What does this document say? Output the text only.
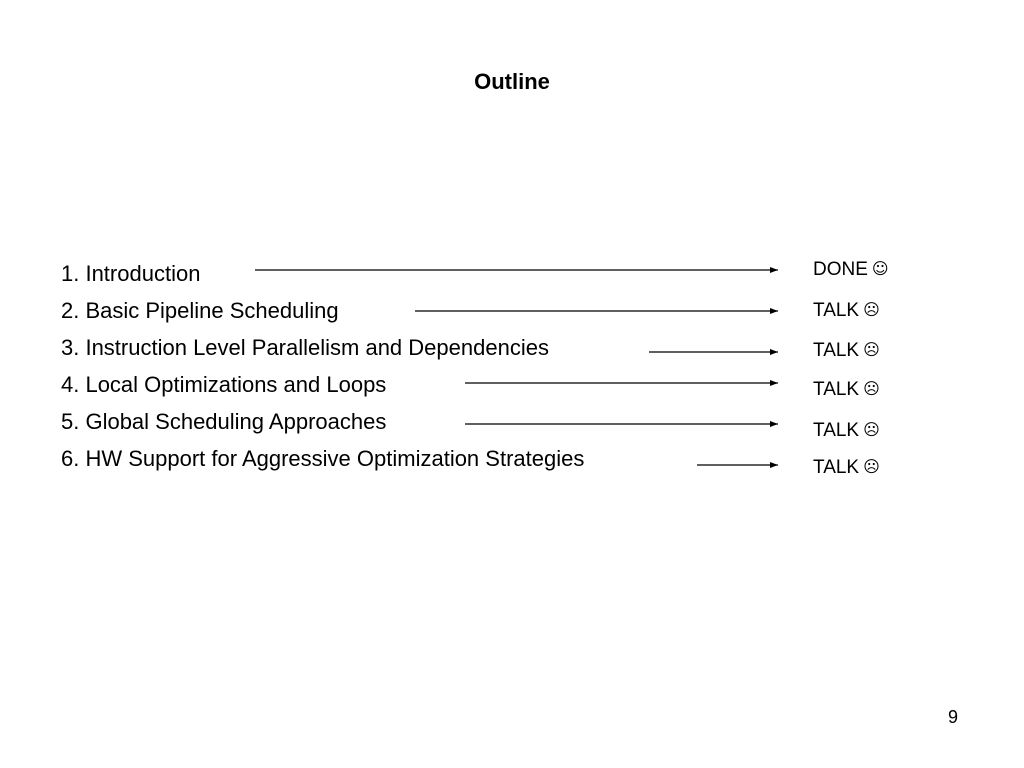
Outline
1. Introduction
2. Basic Pipeline Scheduling
3. Instruction Level Parallelism and Dependencies
4. Local Optimizations and Loops
5. Global Scheduling Approaches
6. HW Support for Aggressive Optimization Strategies
DONE ☺
TALK ☹
TALK ☹
TALK ☹
TALK ☹
TALK ☹
9
